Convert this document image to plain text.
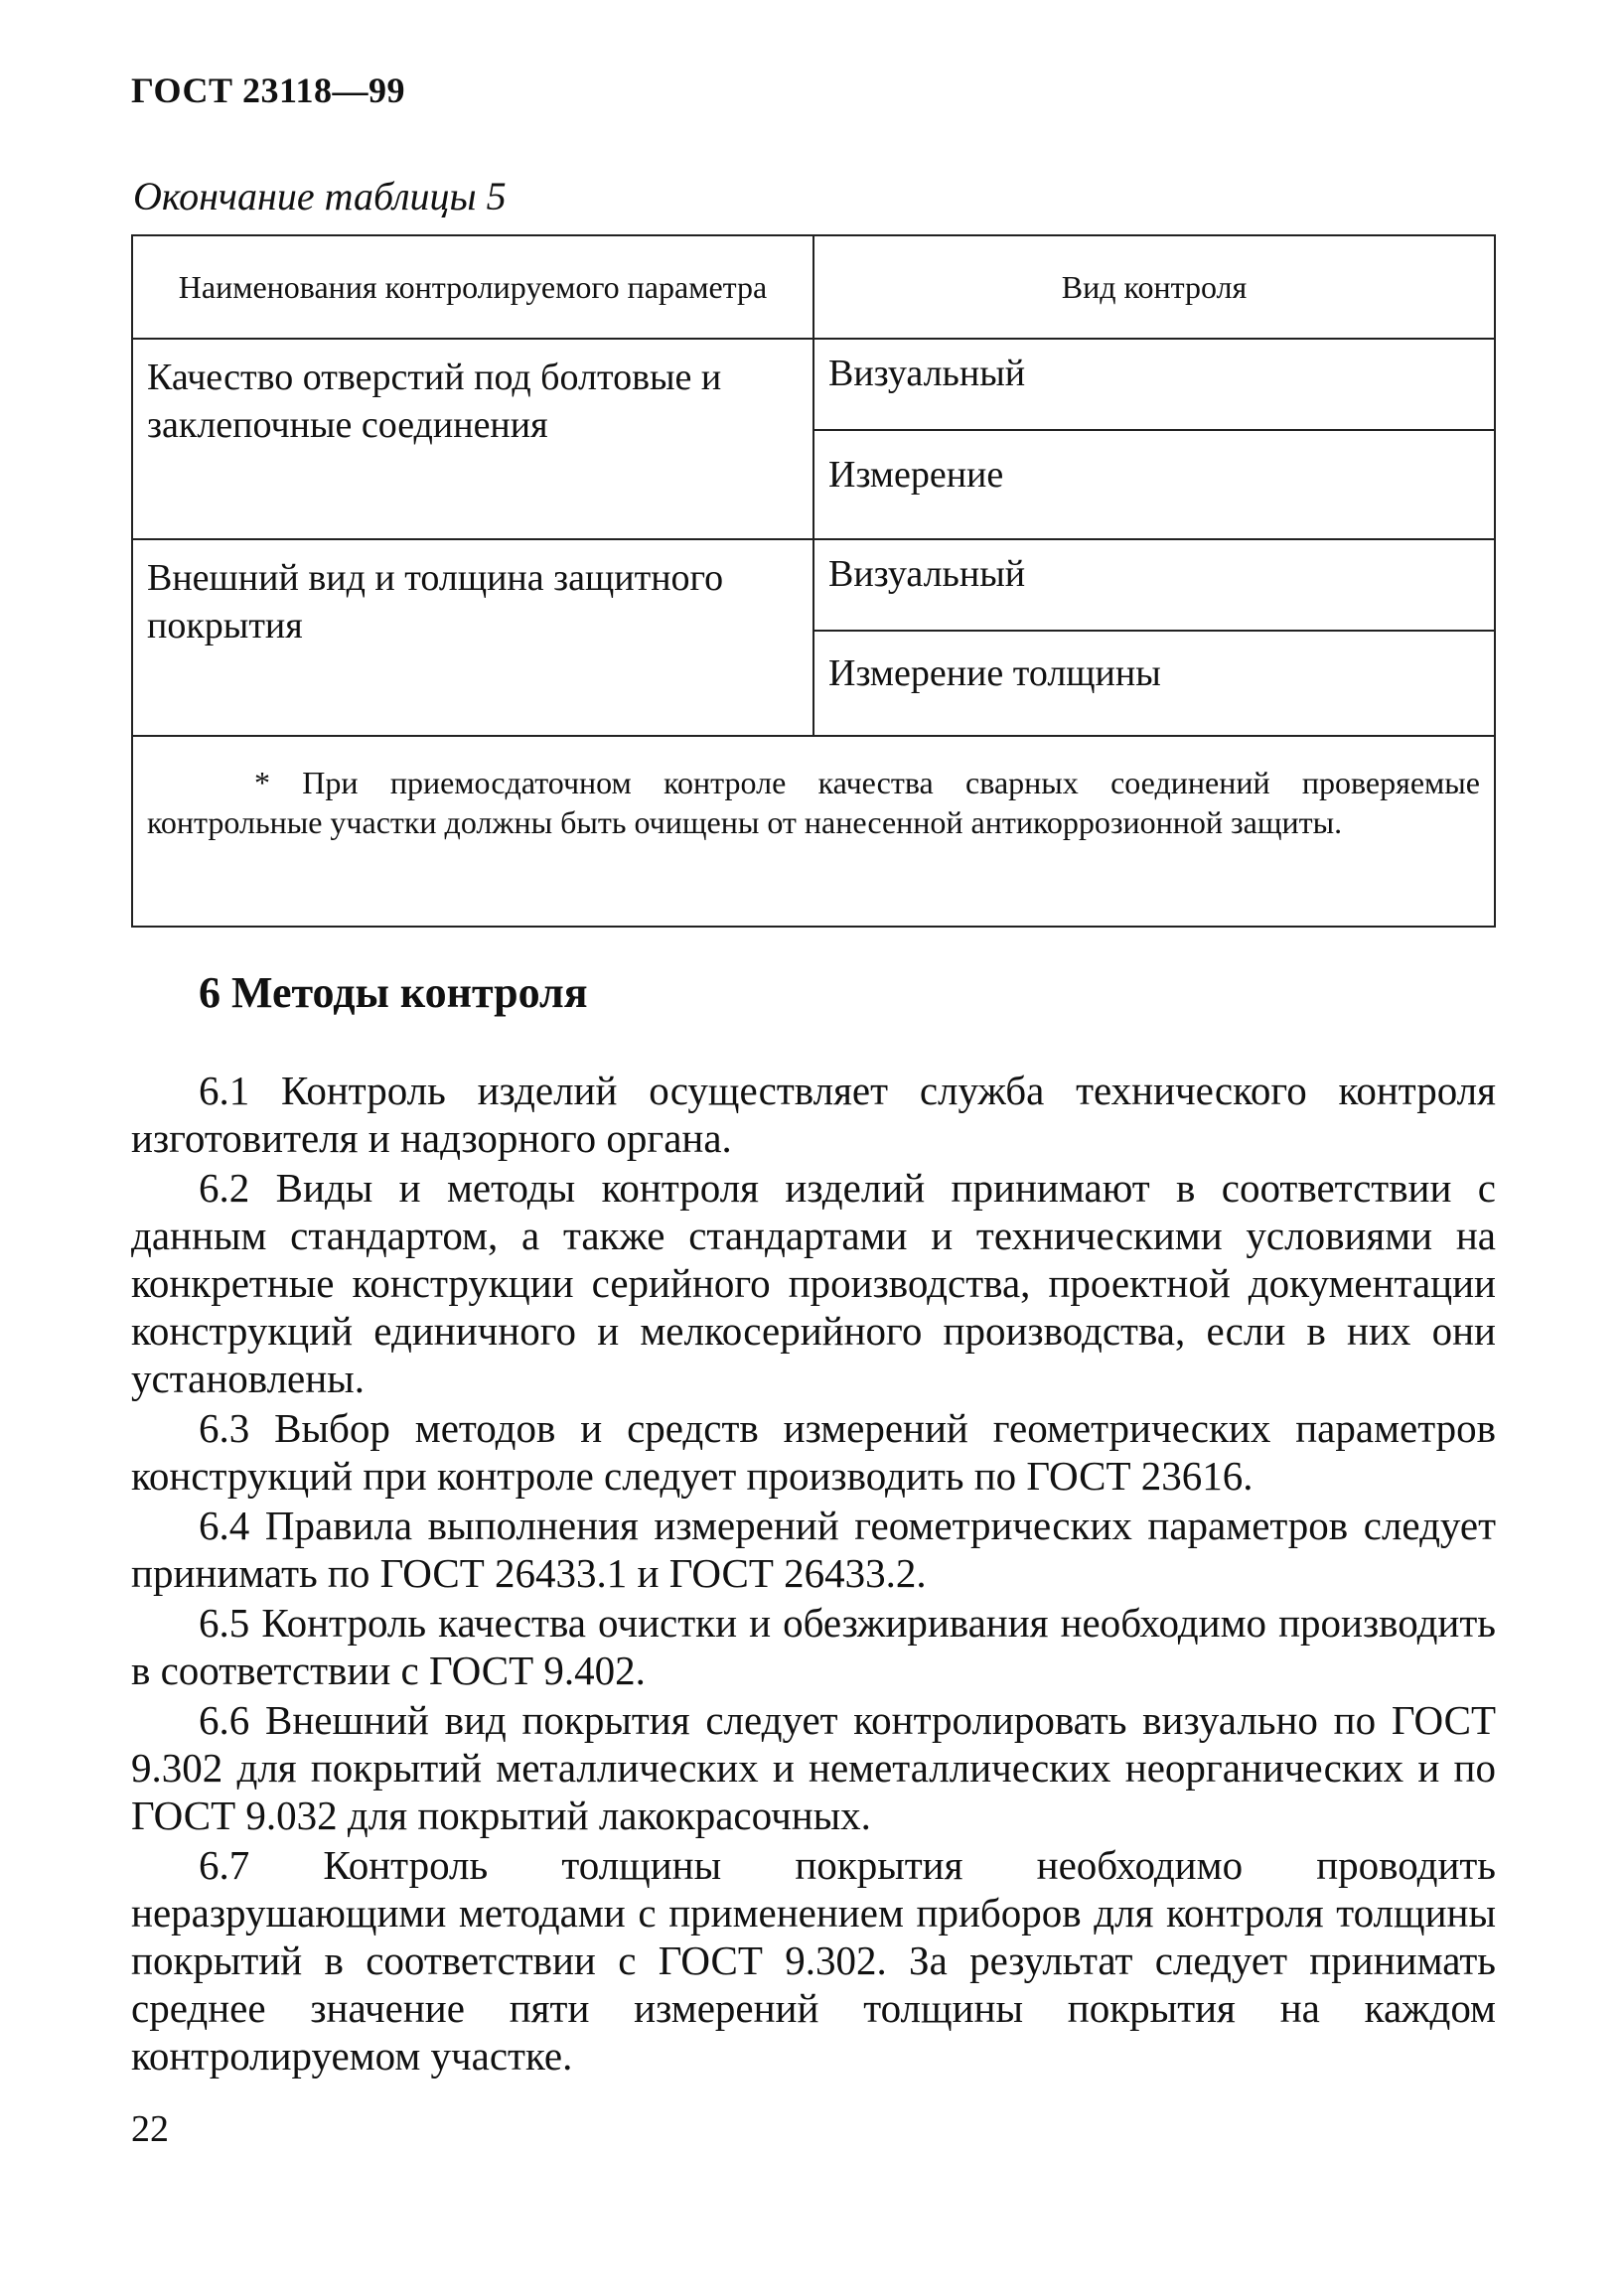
ГОСТ 23118—99
Окончание таблицы 5
Наименования контролируемого параметра	Вид контроля
Качество отверстий под болтовые и заклепочные соединения	Визуальный
	Измерение
Внешний вид и толщина защитного покрытия	Визуальный
	Измерение толщины
* При приемосдаточном контроле качества сварных соединений проверяемые контрольные участки должны быть очищены от нанесенной антикоррозионной защиты.	
6 Методы контроля

6.1 Контроль изделий осуществляет служба технического контроля изготовителя и надзорного органа.

6.2 Виды и методы контроля изделий принимают в соответствии с данным стандартом, а также стандартами и техническими условиями на конкретные конструкции серийного производства, проектной документации конструкций единичного и мелкосерийного производства, если в них они установлены.

6.3 Выбор методов и средств измерений геометрических параметров конструкций при контроле следует производить по ГОСТ 23616.

6.4 Правила выполнения измерений геометрических параметров следует принимать по ГОСТ 26433.1 и ГОСТ 26433.2.

6.5 Контроль качества очистки и обезжиривания необходимо производить в соответствии с ГОСТ 9.402.

6.6 Внешний вид покрытия следует контролировать визуально по ГОСТ 9.302 для покрытий металлических и неметаллических неорганических и по ГОСТ 9.032 для покрытий лакокрасочных.

6.7 Контроль толщины покрытия необходимо проводить неразрушающими методами с применением приборов для контроля толщины покрытий в соответствии с ГОСТ 9.302. За результат следует принимать среднее значение пяти измерений толщины покрытия на каждом контролируемом участке.

22
